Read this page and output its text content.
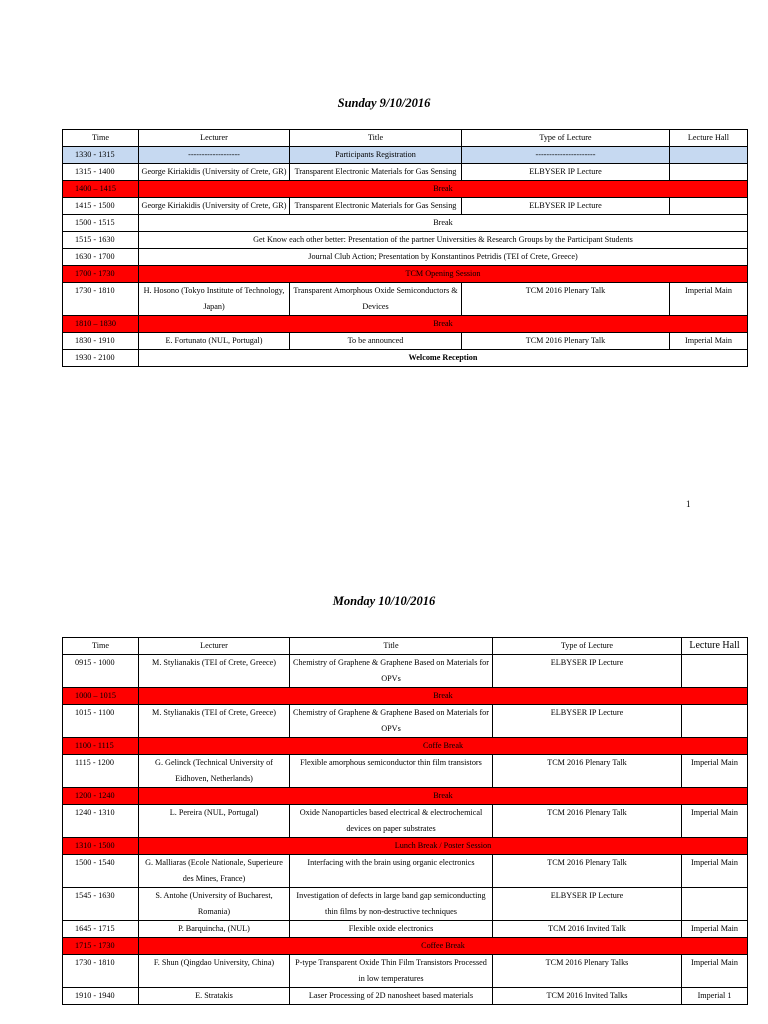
Sunday 9/10/2016
Time	Lecturer	Title	Type of Lecture	Lecture Hall
1330 - 1315	-------------------	Participants Registration	----------------------	
1315 - 1400	George Kiriakidis (University of Crete, GR)	Transparent Electronic Materials for Gas Sensing	ELBYSER IP Lecture	
1400 – 1415	Break			
1415 - 1500	George Kiriakidis (University of Crete, GR)	Transparent Electronic Materials for Gas Sensing	ELBYSER IP Lecture	
1500 - 1515	Break			
1515 - 1630	Get Know each other better: Presentation of the partner Universities & Research Groups by the Participant Students			
1630 - 1700	Journal Club Action; Presentation by Konstantinos Petridis (TEI of Crete, Greece)			
1700 - 1730	TCM Opening Session			
1730 - 1810	H. Hosono (Tokyo Institute of Technology, Japan)	Transparent Amorphous Oxide Semiconductors & Devices	TCM 2016 Plenary Talk	Imperial Main
1810 – 1830	Break			
1830 - 1910	E. Fortunato (NUL, Portugal)	To be announced	TCM 2016 Plenary Talk	Imperial Main
1930 - 2100	Welcome Reception			
1
Monday 10/10/2016
Time	Lecturer	Title	Type of Lecture	Lecture Hall
0915 - 1000	M. Stylianakis (TEI of Crete, Greece)	Chemistry of Graphene & Graphene Based on Materials for OPVs	ELBYSER IP Lecture	
1000 – 1015	Break			
1015 - 1100	M. Stylianakis (TEI of Crete, Greece)	Chemistry of Graphene & Graphene Based on Materials for OPVs	ELBYSER IP Lecture	
1100 - 1115	Coffe Break			
1115 - 1200	G. Gelinck (Technical University of Eidhoven, Netherlands)	Flexible amorphous semiconductor thin film transistors	TCM 2016 Plenary Talk	Imperial Main
1200 - 1240	Break			
1240 - 1310	L. Pereira (NUL, Portugal)	Oxide Nanoparticles based electrical & electrochemical devices on paper substrates	TCM 2016 Plenary Talk	Imperial Main
1310 - 1500	Lunch Break / Poster Session			
1500 - 1540	G. Malliaras (Ecole Nationale, Superieure des Mines, France)	Interfacing with the brain using organic electronics	TCM 2016 Plenary Talk	Imperial Main
1545 - 1630	S. Antohe (University of Bucharest, Romania)	Investigation of defects in large band gap semiconducting thin films by non-destructive techniques	ELBYSER IP Lecture	
1645 - 1715	P. Barquincha, (NUL)	Flexible oxide electronics	TCM 2016 Invited Talk	Imperial Main
1715 - 1730	Coffee Break			
1730 - 1810	F. Shun (Qingdao University, China)	P-type Transparent Oxide Thin Film Transistors Processed in low temperatures	TCM 2016 Plenary Talks	Imperial Main
1910 - 1940	E. Stratakis	Laser Processing of 2D nanosheet based materials	TCM 2016 Invited Talks	Imperial 1
